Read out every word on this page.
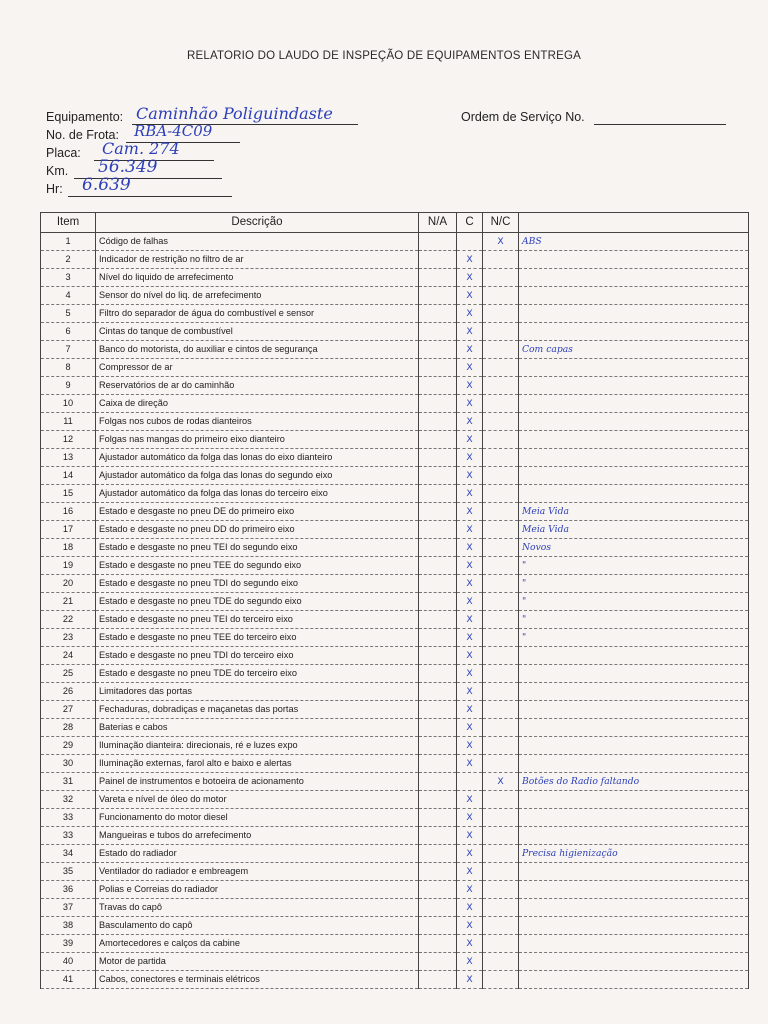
RELATORIO DO LAUDO DE INSPEÇÃO DE EQUIPAMENTOS ENTREGA
Equipamento: Caminhão Poliguindaste
No. de Frota: RBA-4C09
Placa: Cam. 274
Km. 56.349
Hr: 6.639
Ordem de Serviço No.
Item	Descrição	N/A	C	N/C	
1	Código de falhas			X	ABS
2	Indicador de restrição no filtro de ar		X		
3	Nível do liquido de arrefecimento		X		
4	Sensor do nível do liq. de arrefecimento		X		
5	Filtro do separador de água do combustível e sensor		X		
6	Cintas do tanque de combustível		X		
7	Banco do motorista, do auxiliar e cintos de segurança		X		Com capas
8	Compressor de ar		X		
9	Reservatórios de ar do caminhão		X		
10	Caixa de direção		X		
11	Folgas nos cubos de rodas dianteiros		X		
12	Folgas nas mangas do primeiro eixo dianteiro		X		
13	Ajustador automático da folga das lonas do eixo dianteiro		X		
14	Ajustador automático da folga das lonas do segundo eixo		X		
15	Ajustador automático da folga das lonas do terceiro eixo		X		
16	Estado e desgaste no pneu DE do primeiro eixo		X		Meia Vida
17	Estado e desgaste no pneu DD do primeiro eixo		X		Meia Vida
18	Estado e desgaste no pneu TEI do segundo eixo		X		Novos
19	Estado e desgaste no pneu TEE do segundo eixo		X		"
20	Estado e desgaste no pneu TDI do segundo eixo		X		"
21	Estado e desgaste no pneu TDE do segundo eixo		X		"
22	Estado e desgaste no pneu TEI do terceiro eixo		X		"
23	Estado e desgaste no pneu TEE do terceiro eixo		X		"
24	Estado e desgaste no pneu TDI do terceiro eixo		X		
25	Estado e desgaste no pneu TDE do terceiro eixo		X		
26	Limitadores das portas		X		
27	Fechaduras, dobradiças e maçanetas das portas		X		
28	Baterias e cabos		X		
29	Iluminação dianteira: direcionais, ré e luzes expo		X		
30	Iluminação externas, farol alto e baixo e alertas		X		
31	Painel de instrumentos e botoeira de acionamento			X	Botões do Radio faltando
32	Vareta e nível de óleo do motor		X		
33	Funcionamento do motor diesel		X		
33	Mangueiras e tubos do arrefecimento		X		
34	Estado do radiador		X		Precisa higienização
35	Ventilador do radiador e embreagem		X		
36	Polias e Correias do radiador		X		
37	Travas do capô		X		
38	Basculamento do capô		X		
39	Amortecedores e calços da cabine		X		
40	Motor de partida		X		
41	Cabos, conectores e terminais elétricos		X		
